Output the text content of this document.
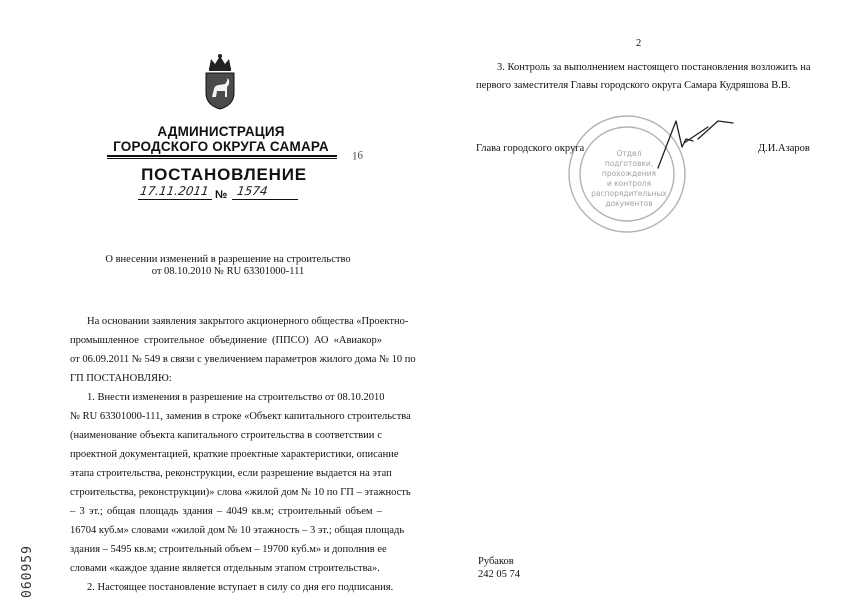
АДМИНИСТРАЦИЯ
ГОРОДСКОГО ОКРУГА САМАРА
16
ПОСТАНОВЛЕНИЕ
17.11.2011 № 1574
О внесении изменений в разрешение на строительство
от 08.10.2010 № RU 63301000-111
На основании заявления закрытого акционерного общества «Проектно-
промышленное строительное объединение (ППСО) АО «Авиакор»
от 06.09.2011 № 549 в связи с увеличением параметров жилого дома № 10 по
ГП ПОСТАНОВЛЯЮ:
1. Внести изменения в разрешение на строительство от 08.10.2010
№ RU 63301000-111, заменив в строке «Объект капитального строительства
(наименование объекта капитального строительства в соответствии с
проектной документацией, краткие проектные характеристики, описание
этапа строительства, реконструкции, если разрешение выдается на этап
строительства, реконструкции)» слова «жилой дом № 10 по ГП – этажность
– 3 эт.; общая площадь здания – 4049 кв.м; строительный объем –
16704 куб.м» словами «жилой дом № 10 этажность – 3 эт.; общая площадь
здания – 5495 кв.м; строительный объем – 19700 куб.м» и дополнив ее
словами «каждое здание является отдельным этапом строительства».
2. Настоящее постановление вступает в силу со дня его подписания.
060959
2
3. Контроль за выполнением настоящего постановления возложить на
первого заместителя Главы городского округа Самара Кудряшова В.В.
Отдел
подготовки,
прохождения
и контроля
распорядительных
документов
Глава городского округа	Д.И.Азаров
Рубаков
242 05 74
